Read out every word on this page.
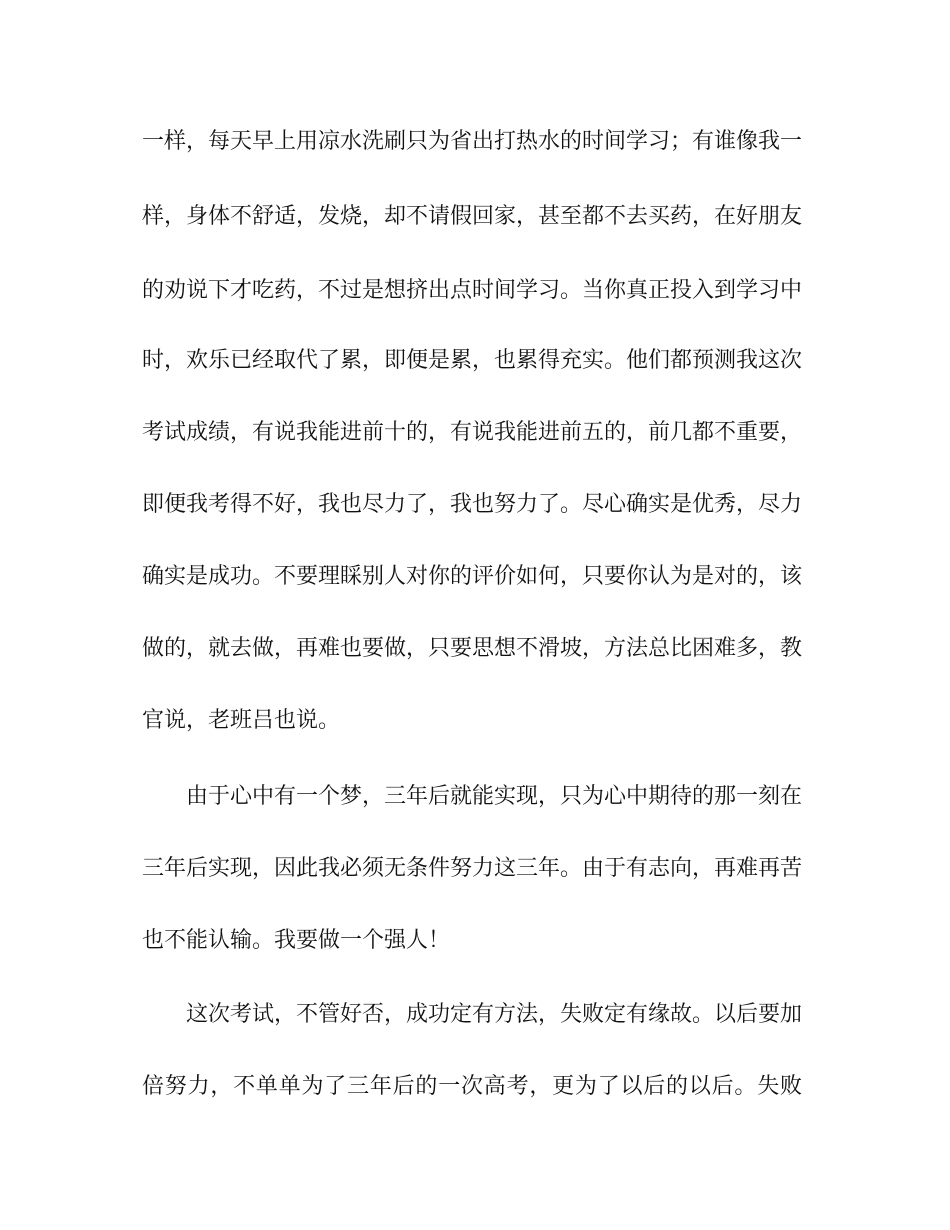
一样，每天早上用凉水洗刷只为省出打热水的时间学习；有谁像我一
样，身体不舒适，发烧，却不请假回家，甚至都不去买药，在好朋友
的劝说下才吃药，不过是想挤出点时间学习。当你真正投入到学习中
时，欢乐已经取代了累，即便是累，也累得充实。他们都预测我这次
考试成绩，有说我能进前十的，有说我能进前五的，前几都不重要，
即便我考得不好，我也尽力了，我也努力了。尽心确实是优秀，尽力
确实是成功。不要理睬别人对你的评价如何，只要你认为是对的，该
做的，就去做，再难也要做，只要思想不滑坡，方法总比困难多，教
官说，老班吕也说。
由于心中有一个梦，三年后就能实现，只为心中期待的那一刻在
三年后实现，因此我必须无条件努力这三年。由于有志向，再难再苦
也不能认输。我要做一个强人！
这次考试，不管好否，成功定有方法，失败定有缘故。以后要加
倍努力，不单单为了三年后的一次高考，更为了以后的以后。失败
